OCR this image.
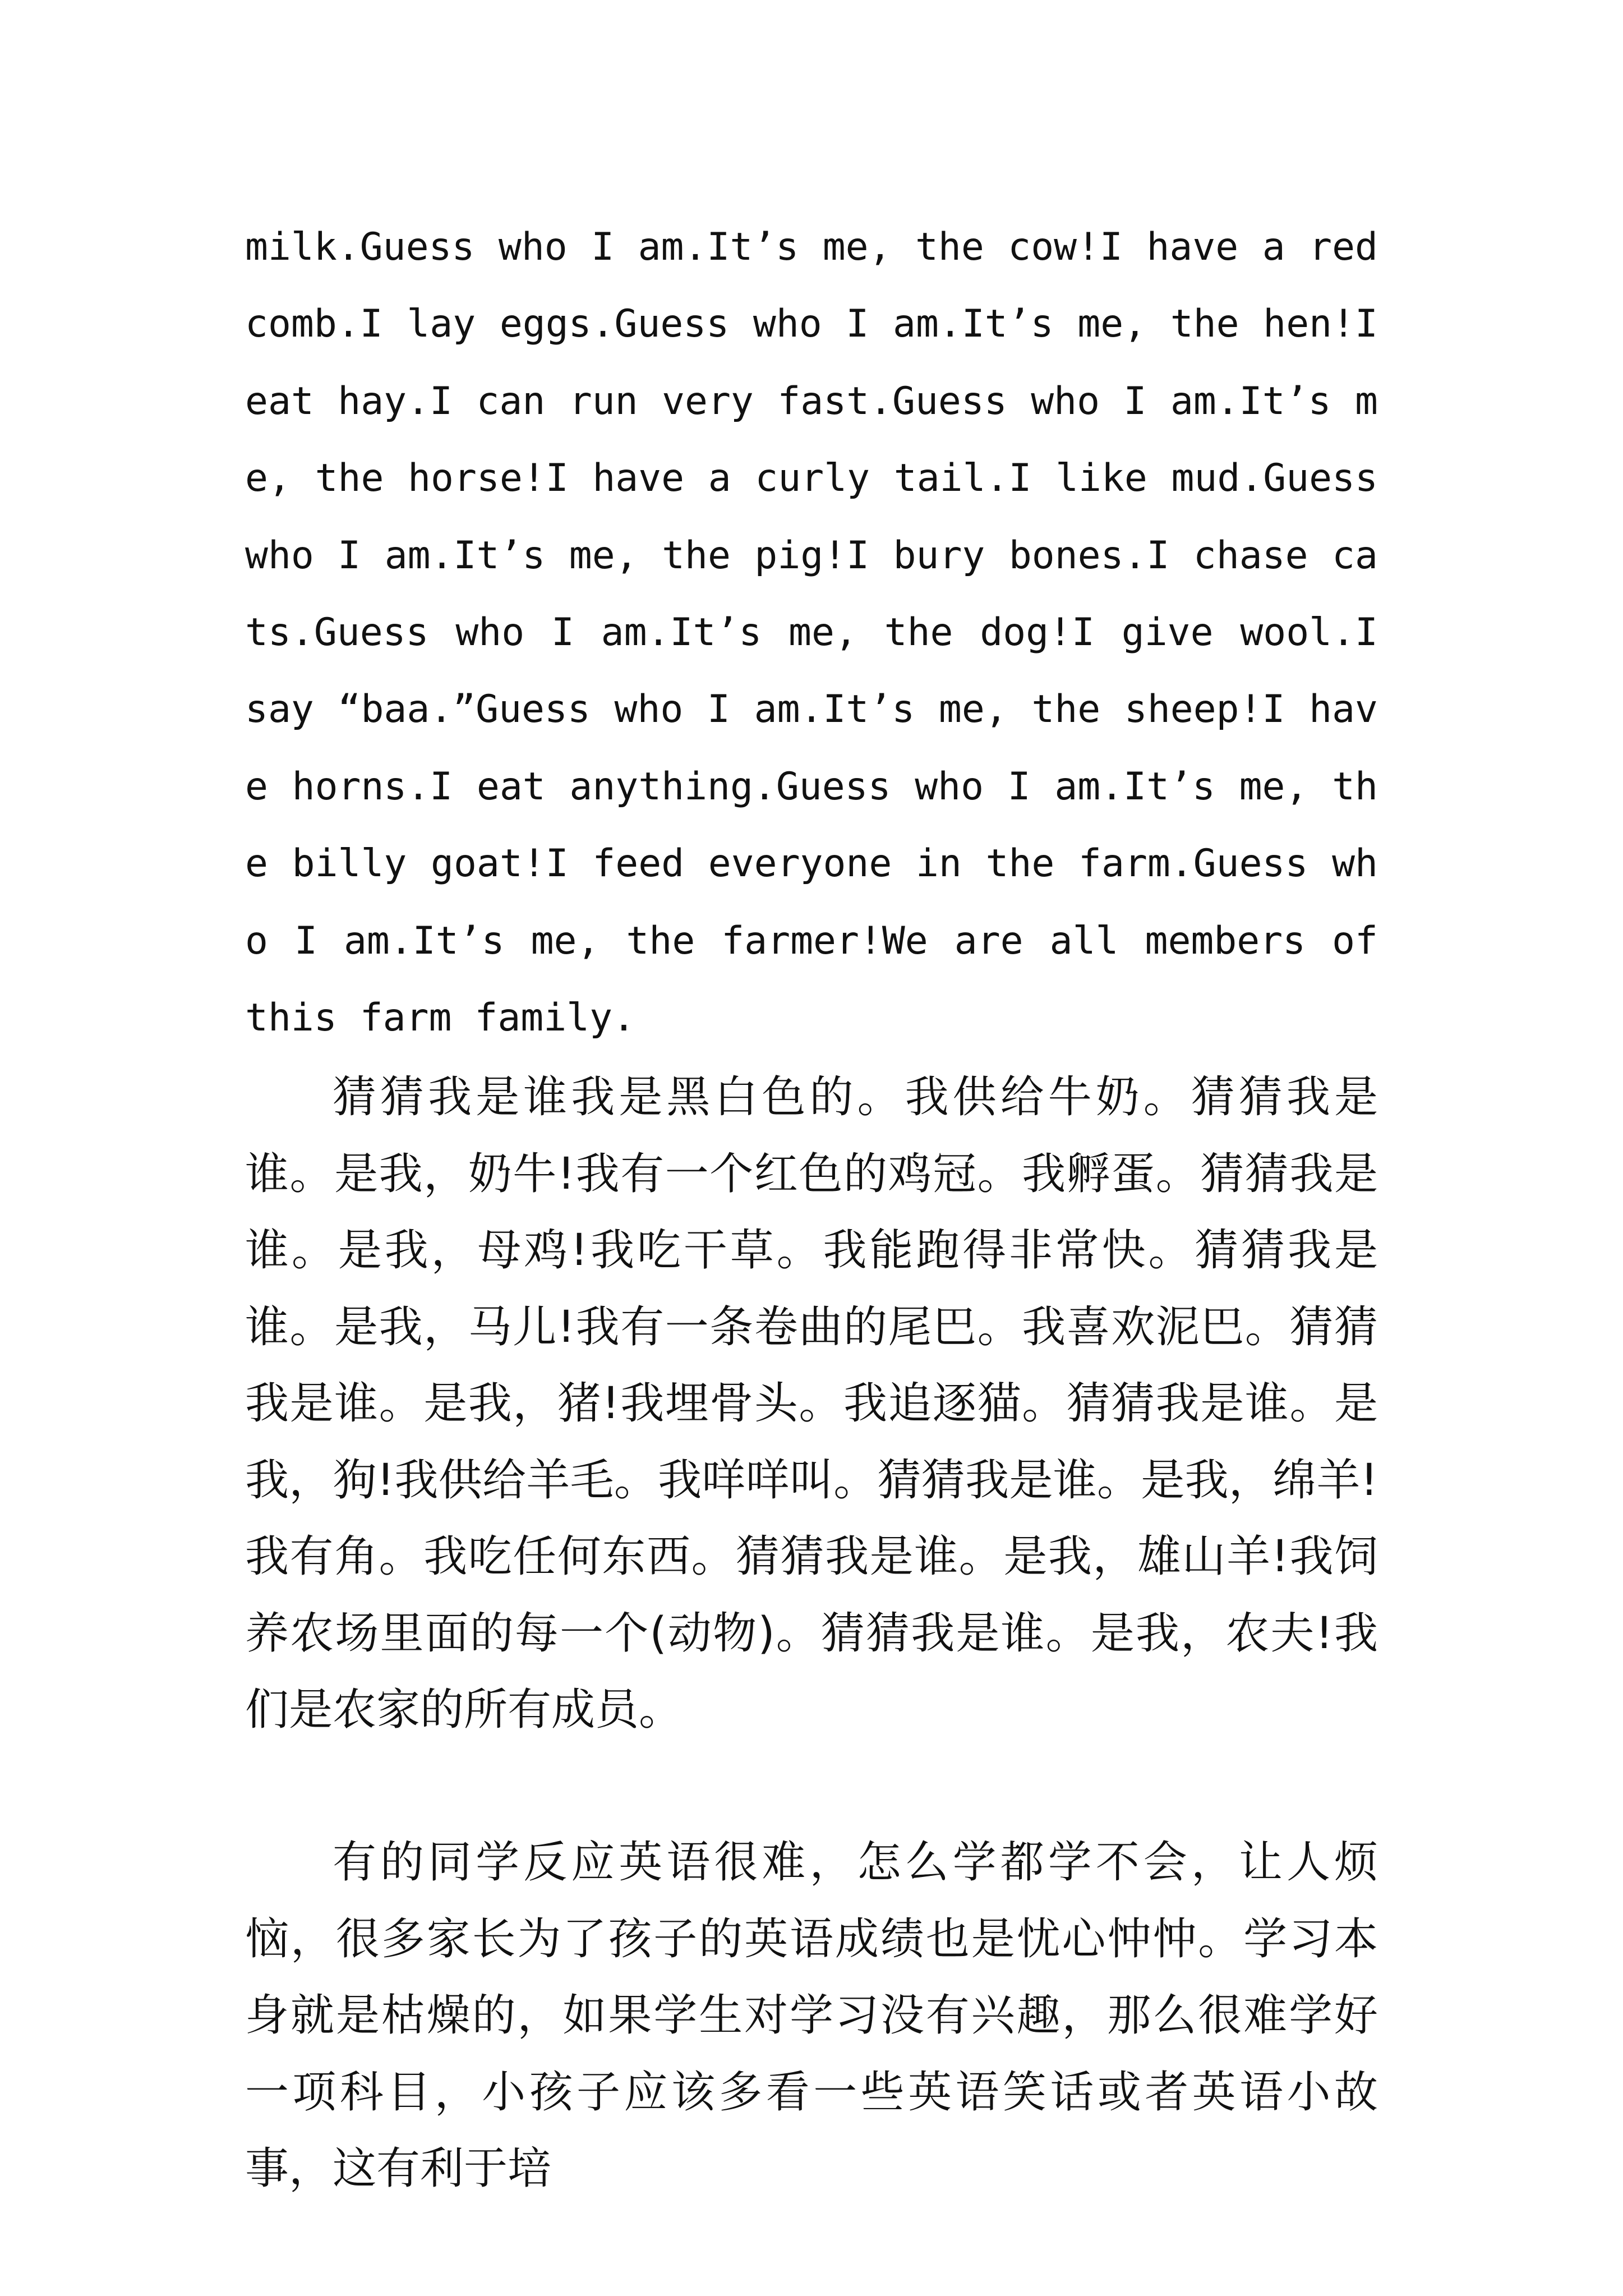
milk.Guess who I am.It’s me, the cow!I have a red comb.I lay eggs.Guess who I am.It’s me, the hen!I eat hay.I can run very fast.Guess who I am.It’s me, the horse!I have a curly tail.I like mud.Guess who I am.It’s me, the pig!I bury bones.I chase cats.Guess who I am.It’s me, the dog!I give wool.I say “baa.”Guess who I am.It’s me, the sheep!I have horns.I eat anything.Guess who I am.It’s me, the billy goat!I feed everyone in the farm.Guess who I am.It’s me, the farmer!We are all members of this farm family.

猜猜我是谁我是黑白色的。我供给牛奶。猜猜我是谁。是我，奶牛!我有一个红色的鸡冠。我孵蛋。猜猜我是谁。是我，母鸡!我吃干草。我能跑得非常快。猜猜我是谁。是我，马儿!我有一条卷曲的尾巴。我喜欢泥巴。猜猜我是谁。是我，猪!我埋骨头。我追逐猫。猜猜我是谁。是我，狗!我供给羊毛。我咩咩叫。猜猜我是谁。是我，绵羊!我有角。我吃任何东西。猜猜我是谁。是我，雄山羊!我饲养农场里面的每一个(动物)。猜猜我是谁。是我，农夫!我们是农家的所有成员。

有的同学反应英语很难，怎么学都学不会，让人烦恼，很多家长为了孩子的英语成绩也是忧心忡忡。学习本身就是枯燥的，如果学生对学习没有兴趣，那么很难学好一项科目，小孩子应该多看一些英语笑话或者英语小故事，这有利于培
